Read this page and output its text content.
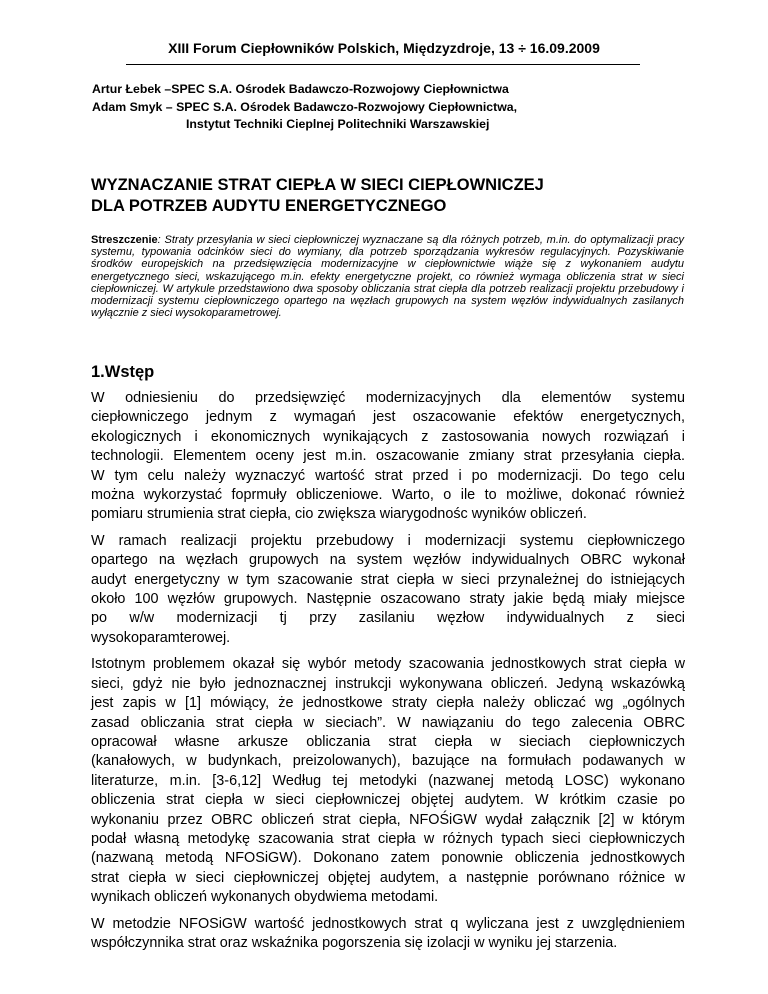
XIII Forum Ciepłowników Polskich, Międzyzdroje, 13 ÷ 16.09.2009
Artur Łebek –SPEC S.A. Ośrodek Badawczo-Rozwojowy Ciepłownictwa
Adam Smyk – SPEC S.A. Ośrodek Badawczo-Rozwojowy Ciepłownictwa,
Instytut Techniki Cieplnej Politechniki Warszawskiej
WYZNACZANIE STRAT CIEPŁA W SIECI CIEPŁOWNICZEJ
DLA POTRZEB AUDYTU ENERGETYCZNEGO
Streszczenie: Straty przesyłania w sieci ciepłowniczej wyznaczane są dla różnych potrzeb, m.in. do optymalizacji pracy systemu, typowania odcinków sieci do wymiany, dla potrzeb sporządzania wykresów regulacyjnych. Pozyskiwanie środków europejskich na przedsięwzięcia modernizacyjne w ciepłownictwie wiąże się z wykonaniem audytu energetycznego sieci, wskazującego m.in. efekty energetyczne projekt, co również wymaga obliczenia strat w sieci ciepłowniczej. W artykule przedstawiono dwa sposoby obliczania strat ciepła dla potrzeb realizacji projektu przebudowy i modernizacji systemu ciepłowniczego opartego na węzłach grupowych na system węzłów indywidualnych zasilanych wyłącznie z sieci wysokoparametrowej.
1.Wstęp

W odniesieniu do przedsięwzięć modernizacyjnych dla elementów systemu
ciepłowniczego jednym z wymagań jest oszacowanie efektów energetycznych,
ekologicznych i ekonomicznych wynikających z zastosowania nowych rozwiązań i
technologii. Elementem oceny jest m.in. oszacowanie zmiany strat przesyłania ciepła.
W tym celu należy wyznaczyć wartość strat przed i po modernizacji. Do tego celu
można wykorzystać foprmuły obliczeniowe. Warto, o ile to możliwe, dokonać również
pomiaru strumienia strat ciepła, cio zwiększa wiarygodnośc wyników obliczeń.

W ramach realizacji projektu przebudowy i modernizacji systemu ciepłowniczego
opartego na węzłach grupowych na system węzłów indywidualnych OBRC wykonał
audyt energetyczny w tym szacowanie strat ciepła w sieci przynależnej do istniejących
około 100 węzłów grupowych. Następnie oszacowano straty jakie będą miały miejsce
po w/w modernizacji tj przy zasilaniu węzłow indywidualnych z sieci
wysokoparamterowej.

Istotnym problemem okazał się wybór metody szacowania jednostkowych strat ciepła w
sieci, gdyż nie było jednoznacznej instrukcji wykonywana obliczeń. Jedyną wskazówką
jest zapis w [1] mówiący, że jednostkowe straty ciepła należy obliczać wg „ogólnych
zasad obliczania strat ciepła w sieciach”. W nawiązaniu do tego zalecenia OBRC
opracował własne arkusze obliczania strat ciepła w sieciach ciepłowniczych
(kanałowych, w budynkach, preizolowanych), bazujące na formułach podawanych w
literaturze, m.in. [3-6,12] Według tej metodyki (nazwanej metodą LOSC) wykonano
obliczenia strat ciepła w sieci ciepłowniczej objętej audytem. W krótkim czasie po
wykonaniu przez OBRC obliczeń strat ciepła, NFOŚiGW wydał załącznik [2] w którym
podał własną metodykę szacowania strat ciepła w różnych typach sieci ciepłowniczych
(nazwaną metodą NFOSiGW). Dokonano zatem ponownie obliczenia jednostkowych
strat ciepła w sieci ciepłowniczej objętej audytem, a następnie porównano różnice w
wynikach obliczeń wykonanych obydwiema metodami.

W metodzie NFOSiGW wartość jednostkowych strat q wyliczana jest z uwzględnieniem
współczynnika strat oraz wskaźnika pogorszenia się izolacji w wyniku jej starzenia.
